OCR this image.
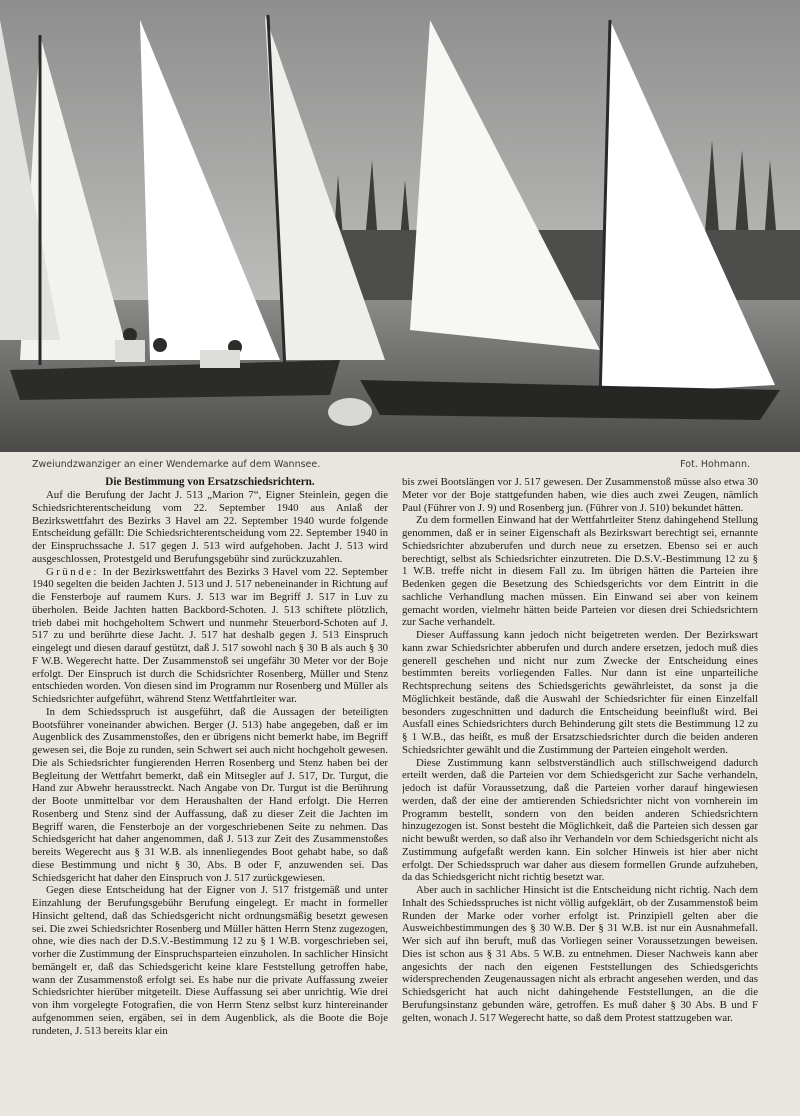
Zweiundzwanziger an einer Wendemarke auf dem Wannsee.	Fot. Hohmann.
Die Bestimmung von Ersatzschiedsrichtern.

Auf die Berufung der Jacht J. 513 „Marion 7“, Eigner Steinlein, gegen die Schiedsrichterentscheidung vom 22. September 1940 aus Anlaß der Bezirkswettfahrt des Bezirks 3 Havel am 22. September 1940 wurde folgende Entscheidung gefällt: Die Schiedsrichterentscheidung vom 22. September 1940 in der Einspruchssache J. 517 gegen J. 513 wird aufgehoben. Jacht J. 513 wird ausgeschlossen, Protestgeld und Berufungsgebühr sind zurückzuzahlen.

Gründe: In der Bezirkswettfahrt des Bezirks 3 Havel vom 22. September 1940 segelten die beiden Jachten J. 513 und J. 517 nebeneinander in Richtung auf die Fensterboje auf raumem Kurs. J. 513 war im Begriff J. 517 in Luv zu überholen. Beide Jachten hatten Backbord-Schoten. J. 513 schiftete plötzlich, trieb dabei mit hochgeholtem Schwert und nunmehr Steuerbord-Schoten auf J. 517 zu und berührte diese Jacht. J. 517 hat deshalb gegen J. 513 Einspruch eingelegt und diesen darauf gestützt, daß J. 517 sowohl nach § 30 B als auch § 30 F W.B. Wegerecht hatte. Der Zusammenstoß sei ungefähr 30 Meter vor der Boje erfolgt. Der Einspruch ist durch die Schidsrichter Rosenberg, Müller und Stenz entschieden worden. Von diesen sind im Programm nur Rosenberg und Müller als Schiedsrichter aufgeführt, während Stenz Wettfahrtleiter war.

In dem Schiedsspruch ist ausgeführt, daß die Aussagen der beteiligten Bootsführer voneinander abwichen. Berger (J. 513) habe angegeben, daß er im Augenblick des Zusammenstoßes, den er übrigens nicht bemerkt habe, im Begriff gewesen sei, die Boje zu runden, sein Schwert sei auch nicht hochgeholt gewesen. Die als Schiedsrichter fungierenden Herren Rosenberg und Stenz haben bei der Begleitung der Wettfahrt bemerkt, daß ein Mitsegler auf J. 517, Dr. Turgut, die Hand zur Abwehr herausstreckt. Nach Angabe von Dr. Turgut ist die Berührung der Boote unmittelbar vor dem Heraushalten der Hand erfolgt. Die Herren Rosenberg und Stenz sind der Auffassung, daß zu dieser Zeit die Jachten im Begriff waren, die Fensterboje an der vorgeschriebenen Seite zu nehmen. Das Schiedsgericht hat daher angenommen, daß J. 513 zur Zeit des Zusammenstoßes bereits Wegerecht aus § 31 W.B. als innenliegendes Boot gehabt habe, so daß diese Bestimmung und nicht § 30, Abs. B oder F, anzuwenden sei. Das Schiedsgericht hat daher den Einspruch von J. 517 zurückgewiesen.

Gegen diese Entscheidung hat der Eigner von J. 517 fristgemäß und unter Einzahlung der Berufungsgebühr Berufung eingelegt. Er macht in formeller Hinsicht geltend, daß das Schiedsgericht nicht ordnungsmäßig besetzt gewesen sei. Die zwei Schiedsrichter Rosenberg und Müller hätten Herrn Stenz zugezogen, ohne, wie dies nach der D.S.V.-Bestimmung 12 zu § 1 W.B. vorgeschrieben sei, vorher die Zustimmung der Einspruchsparteien einzuholen. In sachlicher Hinsicht bemängelt er, daß das Schiedsgericht keine klare Feststellung getroffen habe, wann der Zusammenstoß erfolgt sei. Es habe nur die private Auffassung zweier Schiedsrichter hierüber mitgeteilt. Diese Auffassung sei aber unrichtig. Wie drei von ihm vorgelegte Fotografien, die von Herrn Stenz selbst kurz hintereinander aufgenommen seien, ergäben, sei in dem Augenblick, als die Boote die Boje rundeten, J. 513 bereits klar ein

bis zwei Bootslängen vor J. 517 gewesen. Der Zusammenstoß müsse also etwa 30 Meter vor der Boje stattgefunden haben, wie dies auch zwei Zeugen, nämlich Paul (Führer von J. 9) und Rosenberg jun. (Führer von J. 510) bekundet hätten.

Zu dem formellen Einwand hat der Wettfahrtleiter Stenz dahingehend Stellung genommen, daß er in seiner Eigenschaft als Bezirkswart berechtigt sei, ernannte Schiedsrichter abzuberufen und durch neue zu ersetzen. Ebenso sei er auch berechtigt, selbst als Schiedsrichter einzutreten. Die D.S.V.-Bestimmung 12 zu § 1 W.B. treffe nicht in diesem Fall zu. Im übrigen hätten die Parteien ihre Bedenken gegen die Besetzung des Schiedsgerichts vor dem Eintritt in die sachliche Verhandlung machen müssen. Ein Einwand sei aber von keinem gemacht worden, vielmehr hätten beide Parteien vor diesen drei Schiedsrichtern zur Sache verhandelt.

Dieser Auffassung kann jedoch nicht beigetreten werden. Der Bezirkswart kann zwar Schiedsrichter abberufen und durch andere ersetzen, jedoch muß dies generell geschehen und nicht nur zum Zwecke der Entscheidung eines bestimmten bereits vorliegenden Falles. Nur dann ist eine unparteiliche Rechtsprechung seitens des Schiedsgerichts gewährleistet, da sonst ja die Möglichkeit bestände, daß die Auswahl der Schiedsrichter für einen Einzelfall besonders zugeschnitten und dadurch die Entscheidung beeinflußt wird. Bei Ausfall eines Schiedsrichters durch Behinderung gilt stets die Bestimmung 12 zu § 1 W.B., das heißt, es muß der Ersatzschiedsrichter durch die beiden anderen Schiedsrichter gewählt und die Zustimmung der Parteien eingeholt werden.

Diese Zustimmung kann selbstverständlich auch stillschweigend dadurch erteilt werden, daß die Parteien vor dem Schiedsgericht zur Sache verhandeln, jedoch ist dafür Voraussetzung, daß die Parteien vorher darauf hingewiesen werden, daß der eine der amtierenden Schiedsrichter nicht von vornherein im Programm bestellt, sondern von den beiden anderen Schiedsrichtern hinzugezogen ist. Sonst besteht die Möglichkeit, daß die Parteien sich dessen gar nicht bewußt werden, so daß also ihr Verhandeln vor dem Schiedsgericht nicht als Zustimmung aufgefaßt werden kann. Ein solcher Hinweis ist hier aber nicht erfolgt. Der Schiedsspruch war daher aus diesem formellen Grunde aufzuheben, da das Schiedsgericht nicht richtig besetzt war.

Aber auch in sachlicher Hinsicht ist die Entscheidung nicht richtig. Nach dem Inhalt des Schiedsspruches ist nicht völlig aufgeklärt, ob der Zusammenstoß beim Runden der Marke oder vorher erfolgt ist. Prinzipiell gelten aber die Ausweichbestimmungen des § 30 W.B. Der § 31 W.B. ist nur ein Ausnahmefall. Wer sich auf ihn beruft, muß das Vorliegen seiner Voraussetzungen beweisen. Dies ist schon aus § 31 Abs. 5 W.B. zu entnehmen. Dieser Nachweis kann aber angesichts der nach den eigenen Feststellungen des Schiedsgerichts widersprechenden Zeugenaussagen nicht als erbracht angesehen werden, und das Schiedsgericht hat auch nicht dahingehende Feststellungen, an die die Berufungsinstanz gebunden wäre, getroffen. Es muß daher § 30 Abs. B und F gelten, wonach J. 517 Wegerecht hatte, so daß dem Protest stattzugeben war.
